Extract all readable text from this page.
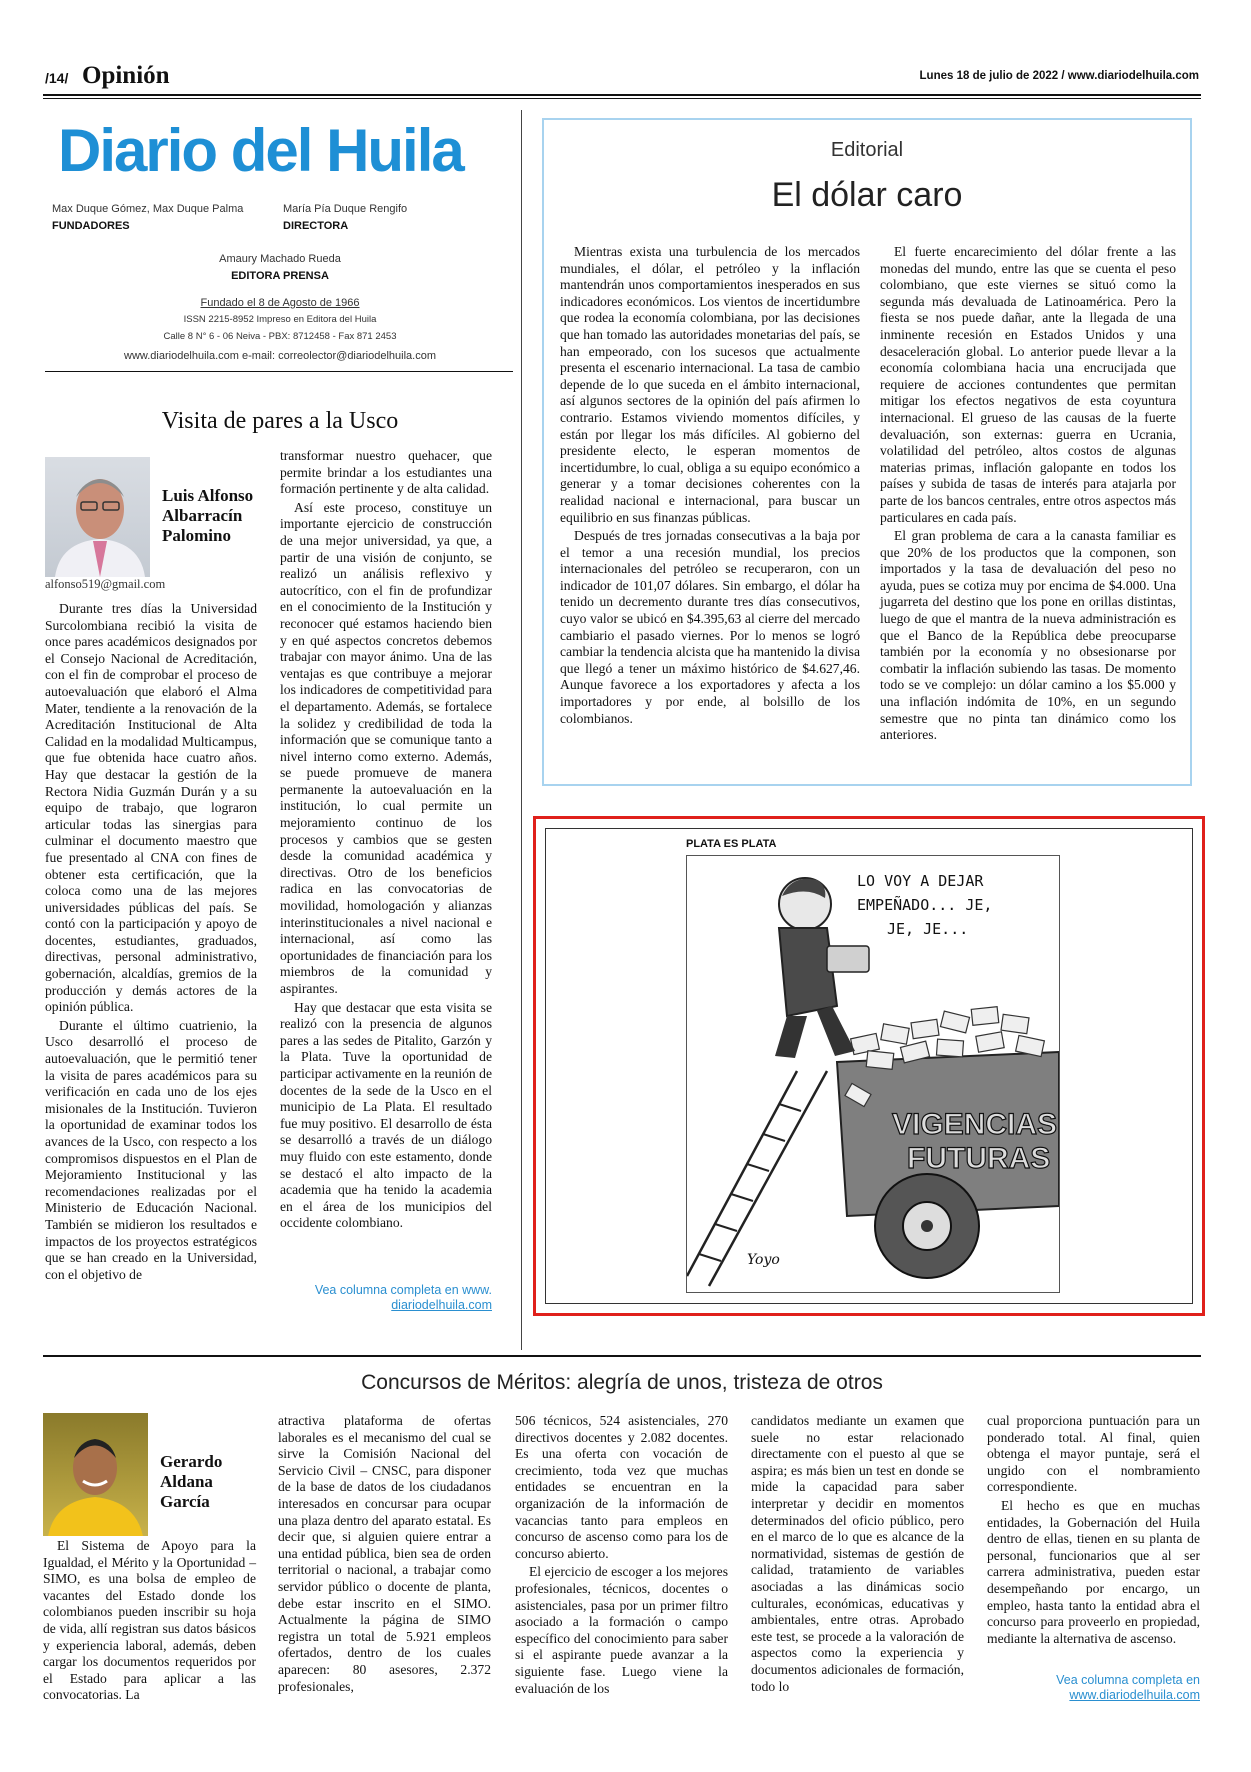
/14/ Opinión	Lunes 18 de julio de 2022 / www.diariodelhuila.com
Diario del Huila
Max Duque Gómez, Max Duque Palma
FUNDADORES
María Pía Duque Rengifo
DIRECTORA
Amaury Machado Rueda
EDITORA PRENSA
Fundado el 8 de Agosto de 1966
ISSN 2215-8952 Impreso en Editora del Huila
Calle 8 N° 6 - 06 Neiva - PBX: 8712458 - Fax 871 2453
www.diariodelhuila.com e-mail: correolector@diariodelhuila.com
Visita de pares a la Usco
Luis Alfonso Albarracín Palomino
alfonso519@gmail.com

Durante tres días la Universidad Surcolombiana recibió la visita de once pares académicos designados por el Consejo Nacional de Acreditación, con el fin de comprobar el proceso de autoevaluación que elaboró el Alma Mater, tendiente a la renovación de la Acreditación Institucional de Alta Calidad en la modalidad Multicampus, que fue obtenida hace cuatro años. Hay que destacar la gestión de la Rectora Nidia Guzmán Durán y a su equipo de trabajo, que lograron articular todas las sinergias para culminar el documento maestro que fue presentado al CNA con fines de obtener esta certificación, que la coloca como una de las mejores universidades públicas del país. Se contó con la participación y apoyo de docentes, estudiantes, graduados, directivas, personal administrativo, gobernación, alcaldías, gremios de la producción y demás actores de la opinión pública.

Durante el último cuatrienio, la Usco desarrolló el proceso de autoevaluación, que le permitió tener la visita de pares académicos para su verificación en cada uno de los ejes misionales de la Institución. Tuvieron la oportunidad de examinar todos los avances de la Usco, con respecto a los compromisos dispuestos en el Plan de Mejoramiento Institucional y las recomendaciones realizadas por el Ministerio de Educación Nacional. También se midieron los resultados e impactos de los proyectos estratégicos que se han creado en la Universidad, con el objetivo de

transformar nuestro quehacer, que permite brindar a los estudiantes una formación pertinente y de alta calidad.

Así este proceso, constituye un importante ejercicio de construcción de una mejor universidad, ya que, a partir de una visión de conjunto, se realizó un análisis reflexivo y autocrítico, con el fin de profundizar en el conocimiento de la Institución y reconocer qué estamos haciendo bien y en qué aspectos concretos debemos trabajar con mayor ánimo. Una de las ventajas es que contribuye a mejorar los indicadores de competitividad para el departamento. Además, se fortalece la solidez y credibilidad de toda la información que se comunique tanto a nivel interno como externo. Además, se puede promueve de manera permanente la autoevaluación en la institución, lo cual permite un mejoramiento continuo de los procesos y cambios que se gesten desde la comunidad académica y directivas. Otro de los beneficios radica en las convocatorias de movilidad, homologación y alianzas interinstitucionales a nivel nacional e internacional, así como las oportunidades de financiación para los miembros de la comunidad y aspirantes.

Hay que destacar que esta visita se realizó con la presencia de algunos pares a las sedes de Pitalito, Garzón y la Plata. Tuve la oportunidad de participar activamente en la reunión de docentes de la sede de la Usco en el municipio de La Plata. El resultado fue muy positivo. El desarrollo de ésta se desarrolló a través de un diálogo muy fluido con este estamento, donde se destacó el alto impacto de la academia que ha tenido la academia en el área de los municipios del occidente colombiano.

Vea columna completa en www.
diariodelhuila.com
Editorial
El dólar caro

Mientras exista una turbulencia de los mercados mundiales, el dólar, el petróleo y la inflación mantendrán unos comportamientos inesperados en sus indicadores económicos. Los vientos de incertidumbre que rodea la economía colombiana, por las decisiones que han tomado las autoridades monetarias del país, se han empeorado, con los sucesos que actualmente presenta el escenario internacional. La tasa de cambio depende de lo que suceda en el ámbito internacional, así algunos sectores de la opinión del país afirmen lo contrario. Estamos viviendo momentos difíciles, y están por llegar los más difíciles. Al gobierno del presidente electo, le esperan momentos de incertidumbre, lo cual, obliga a su equipo económico a generar y a tomar decisiones coherentes con la realidad nacional e internacional, para buscar un equilibrio en sus finanzas públicas.

Después de tres jornadas consecutivas a la baja por el temor a una recesión mundial, los precios internacionales del petróleo se recuperaron, con un indicador de 101,07 dólares. Sin embargo, el dólar ha tenido un decremento durante tres días consecutivos, cuyo valor se ubicó en $4.395,63 al cierre del mercado cambiario el pasado viernes. Por lo menos se logró cambiar la tendencia alcista que ha mantenido la divisa que llegó a tener un máximo histórico de $4.627,46. Aunque favorece a los exportadores y afecta a los importadores y por ende, al bolsillo de los colombianos.

El fuerte encarecimiento del dólar frente a las monedas del mundo, entre las que se cuenta el peso colombiano, que este viernes se situó como la segunda más devaluada de Latinoamérica. Pero la fiesta se nos puede dañar, ante la llegada de una inminente recesión en Estados Unidos y una desaceleración global. Lo anterior puede llevar a la economía colombiana hacia una encrucijada que requiere de acciones contundentes que permitan mitigar los efectos negativos de esta coyuntura internacional. El grueso de las causas de la fuerte devaluación, son externas: guerra en Ucrania, volatilidad del petróleo, altos costos de algunas materias primas, inflación galopante en todos los países y subida de tasas de interés para atajarla por parte de los bancos centrales, entre otros aspectos más particulares en cada país.

El gran problema de cara a la canasta familiar es que 20% de los productos que la componen, son importados y la tasa de devaluación del peso no ayuda, pues se cotiza muy por encima de $4.000. Una jugarreta del destino que los pone en orillas distintas, luego de que el mantra de la nueva administración es que el Banco de la República debe preocuparse también por la economía y no obsesionarse por combatir la inflación subiendo las tasas. De momento todo se ve complejo: un dólar camino a los $5.000 y una inflación indómita de 10%, en un segundo semestre que no pinta tan dinámico como los anteriores.

PLATA ES PLATA
VIGENCIAS
FUTURAS
LO VOY A DEJAR
EMPEÑADO... JE,
JE, JE...
Yoyo
Concursos de Méritos: alegría de unos, tristeza de otros
Gerardo Aldana García

El Sistema de Apoyo para la Igualdad, el Mérito y la Oportunidad – SIMO, es una bolsa de empleo de vacantes del Estado donde los colombianos pueden inscribir su hoja de vida, allí registran sus datos básicos y experiencia laboral, además, deben cargar los documentos requeridos por el Estado para aplicar a las convocatorias. La

atractiva plataforma de ofertas laborales es el mecanismo del cual se sirve la Comisión Nacional del Servicio Civil – CNSC, para disponer de la base de datos de los ciudadanos interesados en concursar para ocupar una plaza dentro del aparato estatal. Es decir que, si alguien quiere entrar a una entidad pública, bien sea de orden territorial o nacional, a trabajar como servidor público o docente de planta, debe estar inscrito en el SIMO. Actualmente la página de SIMO registra un total de 5.921 empleos ofertados, dentro de los cuales aparecen: 80 asesores, 2.372 profesionales,

506 técnicos, 524 asistenciales, 270 directivos docentes y 2.082 docentes. Es una oferta con vocación de crecimiento, toda vez que muchas entidades se encuentran en la organización de la información de vacancias tanto para empleos en concurso de ascenso como para los de concurso abierto.

El ejercicio de escoger a los mejores profesionales, técnicos, docentes o asistenciales, pasa por un primer filtro asociado a la formación o campo específico del conocimiento para saber si el aspirante puede avanzar a la siguiente fase. Luego viene la evaluación de los

candidatos mediante un examen que suele no estar relacionado directamente con el puesto al que se aspira; es más bien un test en donde se mide la capacidad para saber interpretar y decidir en momentos determinados del oficio público, pero en el marco de lo que es alcance de la normatividad, sistemas de gestión de calidad, tratamiento de variables asociadas a las dinámicas socio culturales, económicas, educativas y ambientales, entre otras. Aprobado este test, se procede a la valoración de aspectos como la experiencia y documentos adicionales de formación, todo lo

cual proporciona puntuación para un ponderado total. Al final, quien obtenga el mayor puntaje, será el ungido con el nombramiento correspondiente.

El hecho es que en muchas entidades, la Gobernación del Huila dentro de ellas, tienen en su planta de personal, funcionarios que al ser carrera administrativa, pueden estar desempeñando por encargo, un empleo, hasta tanto la entidad abra el concurso para proveerlo en propiedad, mediante la alternativa de ascenso.

Vea columna completa en
www.diariodelhuila.com
